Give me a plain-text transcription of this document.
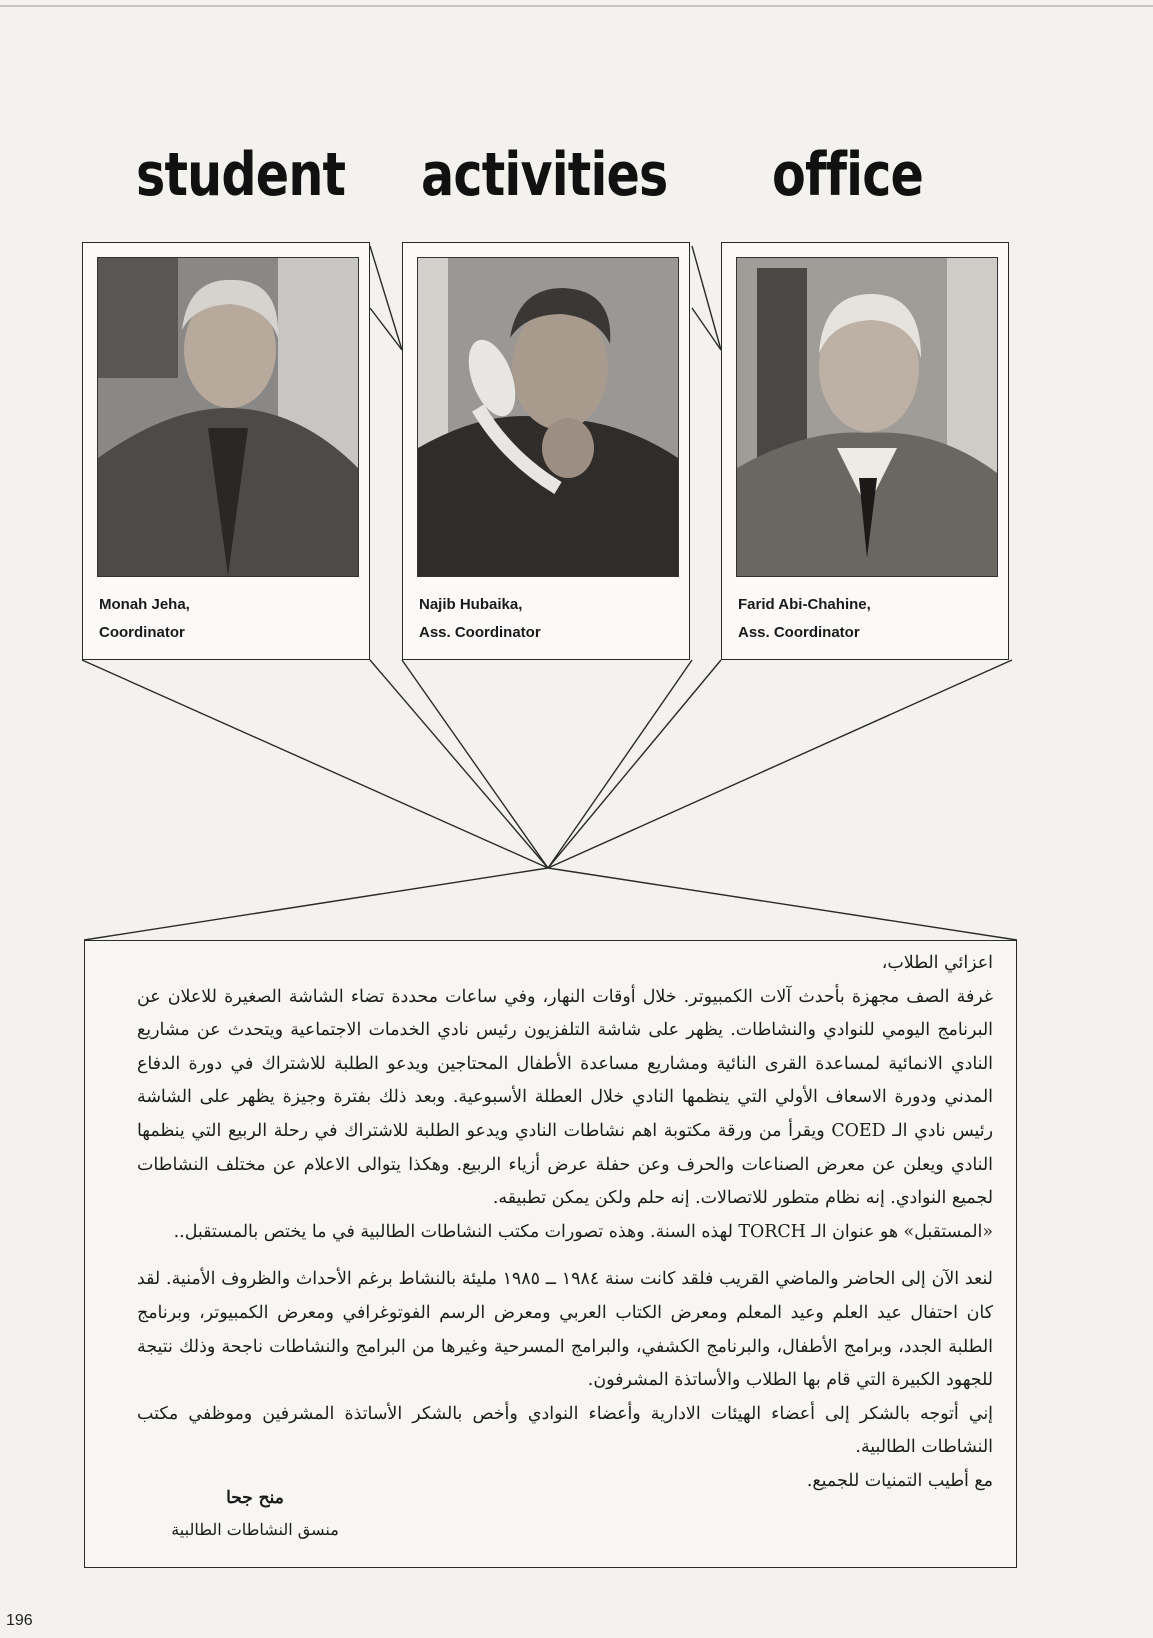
student activities office
Monah Jeha,
Coordinator
Najib Hubaika,
Ass. Coordinator
Farid Abi-Chahine,
Ass. Coordinator

اعزائي الطلاب،

غرفة الصف مجهزة بأحدث آلات الكمبيوتر. خلال أوقات النهار، وفي ساعات محددة تضاء الشاشة الصغيرة للاعلان عن البرنامج اليومي للنوادي والنشاطات. يظهر على شاشة التلفزيون رئيس نادي الخدمات الاجتماعية ويتحدث عن مشاريع النادي الانمائية لمساعدة القرى النائية ومشاريع مساعدة الأطفال المحتاجين ويدعو الطلبة للاشتراك في دورة الدفاع المدني ودورة الاسعاف الأولي التي ينظمها النادي خلال العطلة الأسبوعية. وبعد ذلك بفترة وجيزة يظهر على الشاشة رئيس نادي الـ COED ويقرأ من ورقة مكتوبة اهم نشاطات النادي ويدعو الطلبة للاشتراك في رحلة الربيع التي ينظمها النادي ويعلن عن معرض الصناعات والحرف وعن حفلة عرض أزياء الربيع. وهكذا يتوالى الاعلام عن مختلف النشاطات لجميع النوادي. إنه نظام متطور للاتصالات. إنه حلم ولكن يمكن تطبيقه.

«المستقبل» هو عنوان الـ TORCH لهذه السنة. وهذه تصورات مكتب النشاطات الطالبية في ما يختص بالمستقبل..

لنعد الآن إلى الحاضر والماضي القريب فلقد كانت سنة ١٩٨٤ ــ ١٩٨٥ مليئة بالنشاط برغم الأحداث والظروف الأمنية. لقد كان احتفال عيد العلم وعيد المعلم ومعرض الكتاب العربي ومعرض الرسم الفوتوغرافي ومعرض الكمبيوتر، وبرنامج الطلبة الجدد، وبرامج الأطفال، والبرنامج الكشفي، والبرامج المسرحية وغيرها من البرامج والنشاطات ناجحة وذلك نتيجة للجهود الكبيرة التي قام بها الطلاب والأساتذة المشرفون.

إني أتوجه بالشكر إلى أعضاء الهيئات الادارية وأعضاء النوادي وأخص بالشكر الأساتذة المشرفين وموظفي مكتب النشاطات الطالبية.

مع أطيب التمنيات للجميع.

منح جحا
منسق النشاطات الطالبية
196
